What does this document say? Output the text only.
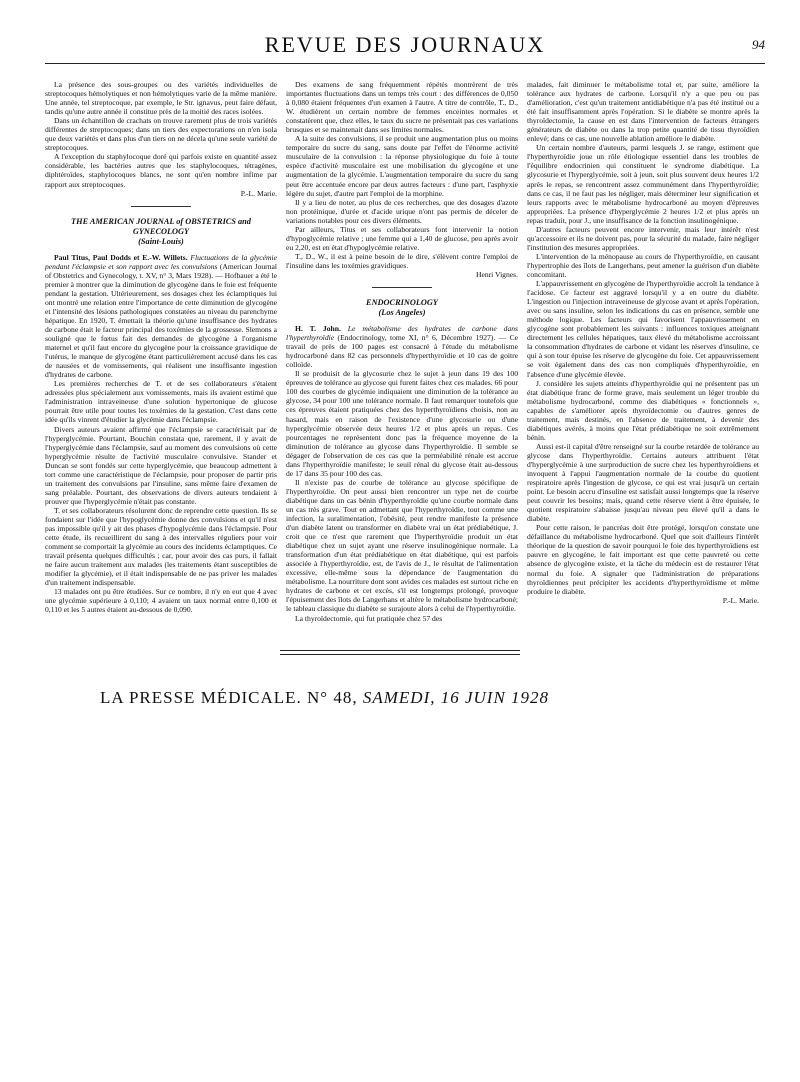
REVUE DES JOURNAUX	94

La présence des sous-groupes ou des variétés individuelles de streptocoques hémolytiques et non hémolytiques varie de la même manière. Une année, tel streptocoque, par exemple, le Str. ignavus, peut faire défaut, tandis qu'une autre année il constitue près de la moitié des races isolées.

Dans un échantillon de crachats on trouve rarement plus de trois variétés différentes de streptocoques; dans un tiers des expectorations on n'en isola que deux variétés et dans plus d'un tiers on ne décela qu'une seule variété de streptocoques.

A l'exception du staphylocoque doré qui parfois existe en quantité assez considérable, les bactéries autres que les staphylocoques, tétragènes, diphtéroïdes, staphylocoques blancs, ne sont qu'en nombre infime par rapport aux streptocoques.

P.-L. Marie.

THE AMERICAN JOURNAL of OBSTETRICS and GYNECOLOGY
(Saint-Louis)

Paul Titus, Paul Dodds et E.-W. Willets. Fluctuations de la glycémie pendant l'éclampsie et son rapport avec les convulsions (American Journal of Obstetrics and Gynecology, t. XV, n° 3, Mars 1928). — Hofbauer a été le premier à montrer que la diminution de glycogène dans le foie est fréquente pendant la gestation. Ultérieurement, ses dosages chez les éclamptiques lui ont montré une relation entre l'importance de cette diminution de glycogène et l'intensité des lésions pathologiques constatées au niveau du parenchyme hépatique. En 1920, T. émettait la théorie qu'une insuffisance des hydrates de carbone était le facteur principal des toxémies de la grossesse. Slemons a souligné que le fœtus fait des demandes de glycogène à l'organisme maternel et qu'il faut encore du glycogène pour la croissance gravidique de l'utérus, le manque de glycogène étant particulièrement accusé dans les cas de nausées et de vomissements, qui réalisent une insuffisante ingestion d'hydrates de carbone.

Les premières recherches de T. et de ses collaborateurs s'étaient adressées plus spécialement aux vomissements, mais ils avaient estimé que l'administration intraveineuse d'une solution hypertonique de glucose pourrait être utile pour toutes les toxémies de la gestation. C'est dans cette idée qu'ils vinrent d'étudier la glycémie dans l'éclampsie.

Divers auteurs avaient affirmé que l'éclampsie se caractérisait par de l'hyperglycémie. Pourtant, Bouchin constata que, rarement, il y avait de l'hyperglycémie dans l'éclampsie, sauf au moment des convulsions où cette hyperglycémie résulte de l'activité musculaire convulsive. Stander et Duncan se sont fondés sur cette hyperglycémie, que beaucoup admettent à tort comme une caractéristique de l'éclampsie, pour proposer de partir pris un traitement des convulsions par l'insuline, sans même faire d'examen de sang préalable. Pourtant, des observations de divers auteurs tendaient à prouver que l'hyperglycémie n'était pas constante.

T. et ses collaborateurs résolurent donc de reprendre cette question. Ils se fondaient sur l'idée que l'hypoglycémie donne des convulsions et qu'il n'est pas impossible qu'il y ait des phases d'hypoglycémie dans l'éclampsie. Pour cette étude, ils recueillirent du sang à des intervalles réguliers pour voir comment se comportait la glycémie au cours des incidents éclamptiques. Ce travail présenta quelques difficultés ; car, pour avoir des cas purs, il fallait ne faire aucun traitement aux malades (les traitements étant susceptibles de modifier la glycémie), et il était indispensable de ne pas priver les malades d'un traitement indispensable.

13 malades ont pu être étudiées. Sur ce nombre, il n'y en eut que 4 avec une glycémie supérieure à 0,110; 4 avaient un taux normal entre 0,100 et 0,110 et les 5 autres étaient au-dessous de 0,090.

Des examens de sang fréquemment répétés montrèrent de très importantes fluctuations dans un temps très court : des différences de 0,050 à 0,080 étaient fréquentes d'un examen à l'autre. A titre de contrôle, T., D., W. étudièrent un certain nombre de femmes enceintes normales et constatèrent que, chez elles, le taux du sucre ne présentait pas ces variations brusques et se maintenait dans ses limites normales.

A la suite des convulsions, il se produit une augmentation plus ou moins temporaire du sucre du sang, sans doute par l'effet de l'énorme activité musculaire de la convulsion : la réponse physiologique du foie à toute espèce d'activité musculaire est une mobilisation du glycogène et une augmentation de la glycémie. L'augmentation temporaire du sucre du sang peut être accentuée encore par deux autres facteurs : d'une part, l'asphyxie légère du sujet, d'autre part l'emploi de la morphine.

Il y a lieu de noter, au plus de ces recherches, que des dosages d'azote non protéinique, d'urée et d'acide urique n'ont pas permis de déceler de variations notables pour ces divers éléments.

Par ailleurs, Titus et ses collaborateurs font intervenir la notion d'hypoglycémie relative ; une femme qui a 1,40 de glucose, peu après avoir eu 2,20, est en état d'hypoglycémie relative.

T., D., W., il est à peine besoin de le dire, s'élèvent contre l'emploi de l'insuline dans les toxémies gravidiques.

Henri Vignes.

ENDOCRINOLOGY
(Los Angeles)

H. T. John. Le métabolisme des hydrates de carbone dans l'hyperthyroïdie (Endocrinology, tome XI, n° 6, Décembre 1927). — Ce travail de près de 100 pages est consacré à l'étude du métabolisme hydrocarboné dans 82 cas personnels d'hyperthyroïdie et 10 cas de goitre colloïde.

Il se produisit de la glycosurie chez le sujet à jeun dans 19 des 100 épreuves de tolérance au glycose qui furent faites chez ces malades. 66 pour 100 des courbes de glycémie indiquaient une diminution de la tolérance au glycose, 34 pour 100 une tolérance normale. Il faut remarquer toutefois que ces épreuves étaient pratiquées chez des hyperthyroïdiens choisis, non au hasard, mais en raison de l'existence d'une glycosurie ou d'une hyperglycémie observée deux heures 1/2 et plus après un repas. Ces pourcentages ne représentent donc pas la fréquence moyenne de la diminution de tolérance au glycose dans l'hyperthyroïdie. Il semble se dégager de l'observation de ces cas que la perméabilité rénale est accrue dans l'hyperthyroïdie manifeste; le seuil rénal du glycose était au-dessous de 17 dans 35 pour 100 des cas.

Il n'existe pas de courbe de tolérance au glycose spécifique de l'hyperthyroïdie. On peut aussi bien rencontrer un type net de courbe diabétique dans un cas bénin d'hyperthyroïdie qu'une courbe normale dans un cas très grave. Tout en admettant que l'hyperthyroïdie, tout comme une infection, la suralimentation, l'obésité, peut rendre manifeste la présence d'un diabète latent ou transformer en diabète vrai un état prédiabétique, J. croit que ce n'est que rarement que l'hyperthyroïdie produit un état diabétique chez un sujet ayant une réserve insulinogénique normale. La transformation d'un état prédiabétique en état diabétique, qui est parfois associée à l'hyperthyroïdie, est, de l'avis de J., le résultat de l'alimentation excessive, elle-même sous la dépendance de l'augmentation du métabolisme. La nourriture dont sont avides ces malades est surtout riche en hydrates de carbone et cet excès, s'il est longtemps prolongé, provoque l'épuisement des îlots de Langerhans et altère le métabolisme hydrocarboné; le tableau classique du diabète se surajoute alors à celui de l'hyperthyroïdie.

La thyroïdectomie, qui fut pratiquée chez 57 des

malades, fait diminuer le métabolisme total et, par suite, améliore la tolérance aux hydrates de carbone. Lorsqu'il n'y a que peu ou pas d'amélioration, c'est qu'un traitement antidiabétique n'a pas été institué ou a été fait insuffisamment après l'opération. Si le diabète se montre après la thyroïdectomie, la cause en est dans l'intervention de facteurs étrangers générateurs de diabète ou dans la trop petite quantité de tissu thyroïdien enlevé; dans ce cas, une nouvelle ablation améliore le diabète.

Un certain nombre d'auteurs, parmi lesquels J. se range, estiment que l'hyperthyroïdie joue un rôle étiologique essentiel dans les troubles de l'équilibre endocrinien qui constituent le syndrome diabétique. La glycosurie et l'hyperglycémie, soit à jeun, soit plus souvent deux heures 1/2 après le repas, se rencontrent assez communément dans l'hyperthyroïdie; dans ce cas, il ne faut pas les négliger, mais déterminer leur signification et leurs rapports avec le métabolisme hydrocarboné au moyen d'épreuves appropriées. La présence d'hyperglycémie 2 heures 1/2 et plus après un repas traduit, pour J., une insuffisance de la fonction insulinogénique.

D'autres facteurs peuvent encore intervenir, mais leur intérêt n'est qu'accessoire et ils ne doivent pas, pour la sécurité du malade, faire négliger l'institution des mesures appropriées.

L'intervention de la ménopause au cours de l'hyperthyroïdie, en causant l'hypertrophie des îlots de Langerhans, peut amener la guérison d'un diabète concomitant.

L'appauvrissement en glycogène de l'hyperthyroïdie accroît la tendance à l'acidose. Ce facteur est aggravé lorsqu'il y a en outre du diabète. L'ingestion ou l'injection intraveineuse de glycose avant et après l'opération, avec ou sans insuline, selon les indications du cas en présence, semble une méthode logique. Les facteurs qui favorisent l'appauvrissement en glycogène sont probablement les suivants : influences toxiques atteignant directement les cellules hépatiques, taux élevé du métabolisme accroissant la consommation d'hydrates de carbone et vidant les réserves d'insuline, ce qui à son tour épuise les réserve de glycogène du foie. Cet appauvrissement se voit également dans des cas non compliqués d'hyperthyroïdie, en l'absence d'une glycémie élevée.

J. considère les sujets atteints d'hyperthyroïdie qui ne présentent pas un état diabétique franc de forme grave, mais seulement un léger trouble du métabolisme hydrocarboné, comme des diabétiques « fonctionnels », capables de s'améliorer après thyroïdectomie ou d'autres genres de traitement, mais destinés, en l'absence de traitement, à devenir des diabétiques avérés, à moins que l'état prédiabétique ne soit extrêmement bénin.

Aussi est-il capital d'être renseigné sur la courbe retardée de tolérance au glycose dans l'hyperthyroïdie. Certains auteurs attribuent l'état d'hyperglycémie à une surproduction de sucre chez les hyperthyroïdiens et invoquent à l'appui l'augmentation normale de la courbe du quotient respiratoire après l'ingestion de glycose, ce qui est vrai jusqu'à un certain point. Le besoin accru d'insuline est satisfait aussi longtemps que la réserve peut couvrir les besoins; mais, quand cette réserve vient à être épuisée, le quotient respiratoire s'abaisse jusqu'au niveau peu élevé qu'il a dans le diabète.

Pour cette raison, le pancréas doit être protégé, lorsqu'on constate une défaillance du métabolisme hydrocarboné. Quel que soit d'ailleurs l'intérêt théorique de la question de savoir pourquoi le foie des hyperthyroïdiens est pauvre en glycogène, le fait important est que cette pauvreté ou cette absence de glycogène existe, et la tâche du médecin est de restaurer l'état normal du foie. A signaler que l'administration de préparations thyroïdiennes peut précipiter les accidents d'hyperthyroïdisme et même produire le diabète.

P.-L. Marie.

LA PRESSE MÉDICALE. N° 48, SAMEDI, 16 JUIN 1928
